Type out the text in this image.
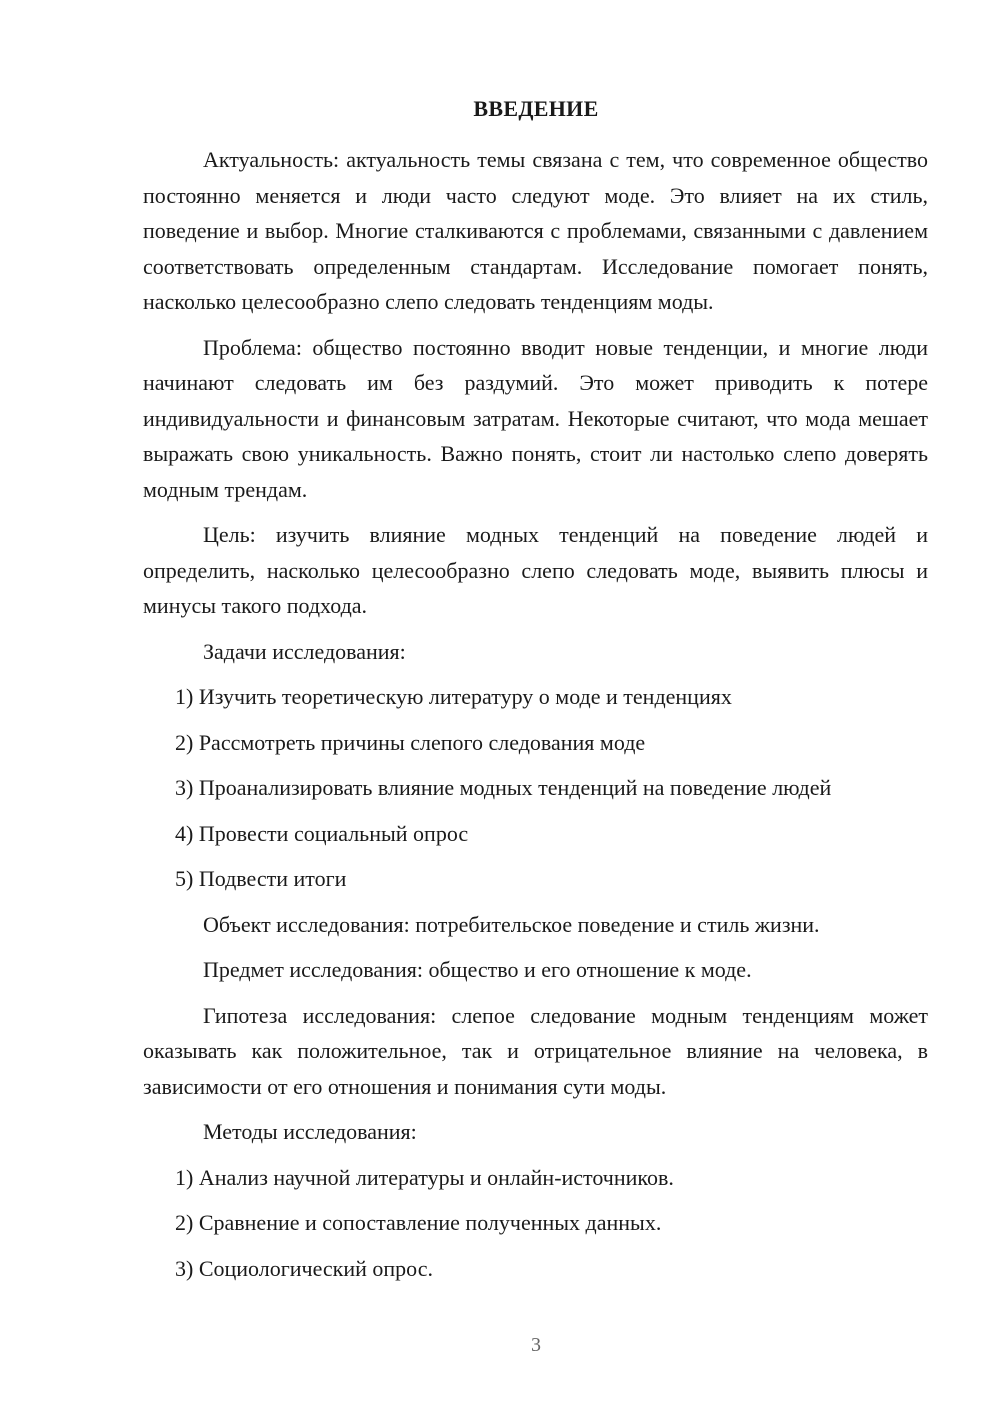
ВВЕДЕНИЕ

Актуальность: актуальность темы связана с тем, что современное общество постоянно меняется и люди часто следуют моде. Это влияет на их стиль, поведение и выбор. Многие сталкиваются с проблемами, связанными с давлением соответствовать определенным стандартам. Исследование помогает понять, насколько целесообразно слепо следовать тенденциям моды.

Проблема: общество постоянно вводит новые тенденции, и многие люди начинают следовать им без раздумий. Это может приводить к потере индивидуальности и финансовым затратам. Некоторые считают, что мода мешает выражать свою уникальность. Важно понять, стоит ли настолько слепо доверять модным трендам.

Цель: изучить влияние модных тенденций на поведение людей и определить, насколько целесообразно слепо следовать моде, выявить плюсы и минусы такого подхода.

Задачи исследования:

1) Изучить теоретическую литературу о моде и тенденциях

2) Рассмотреть причины слепого следования моде

3) Проанализировать влияние модных тенденций на поведение людей

4) Провести социальный опрос

5) Подвести итоги

Объект исследования: потребительское поведение и стиль жизни.

Предмет исследования: общество и его отношение к моде.

Гипотеза исследования: слепое следование модным тенденциям может оказывать как положительное, так и отрицательное влияние на человека, в зависимости от его отношения и понимания сути моды.

Методы исследования:

1) Анализ научной литературы и онлайн-источников.

2) Сравнение и сопоставление полученных данных.

3) Социологический опрос.

3
